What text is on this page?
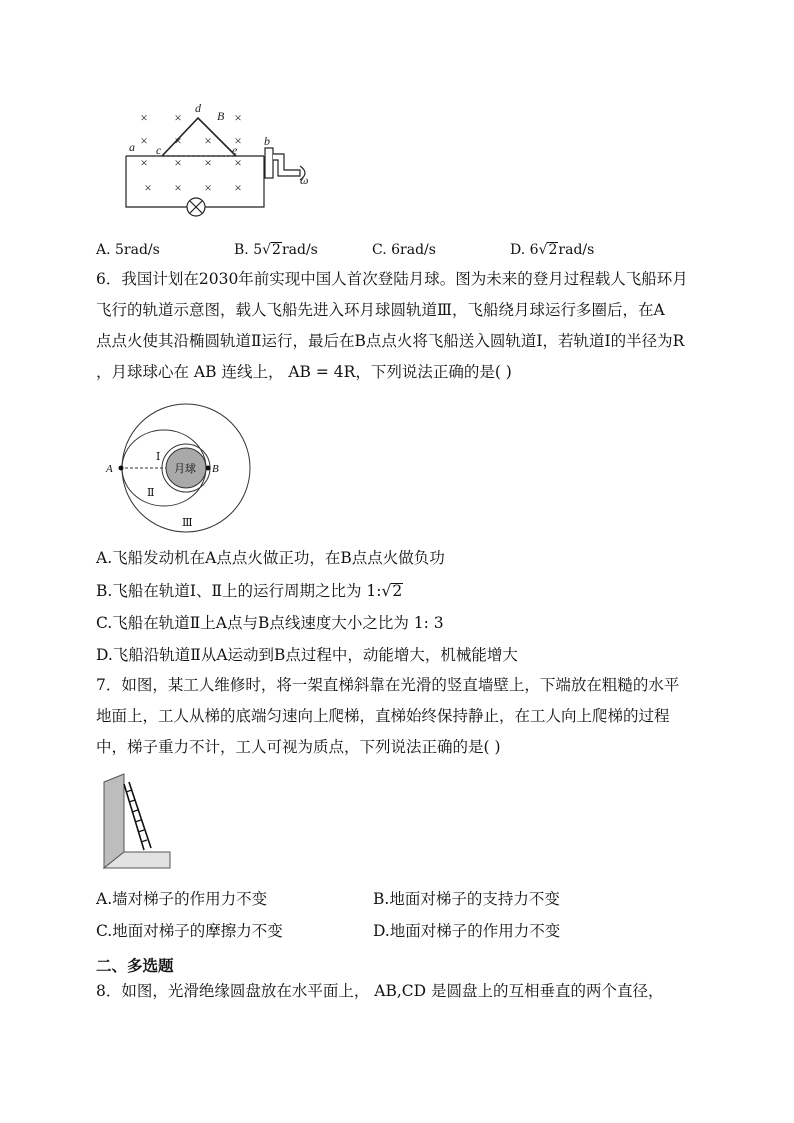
× ×	×
× × × ×
× × × ×
× × × ×
d
B
a c	e
b
ω
A. 5rad/s	B. 5√2rad/s	C. 6rad/s	D. 6√2rad/s
6．我国计划在2030年前实现中国人首次登陆月球。图为未来的登月过程载人飞船环月
飞行的轨道示意图，载人飞船先进入环月球圆轨道Ⅲ，飞船绕月球运行多圈后，在A
点点火使其沿椭圆轨道Ⅱ运行，最后在B点点火将飞船送入圆轨道Ⅰ，若轨道Ⅰ的半径为R
，月球球心在 AB 连线上， AB = 4R，下列说法正确的是( )
月球
A	B
Ⅰ
Ⅱ
Ⅲ
A.飞船发动机在A点点火做正功，在B点点火做负功
B.飞船在轨道Ⅰ、Ⅱ上的运行周期之比为 1:√2
C.飞船在轨道Ⅱ上A点与B点线速度大小之比为 1: 3
D.飞船沿轨道Ⅱ从A运动到B点过程中，动能增大，机械能增大
7．如图，某工人维修时，将一架直梯斜靠在光滑的竖直墙壁上，下端放在粗糙的水平
地面上，工人从梯的底端匀速向上爬梯，直梯始终保持静止，在工人向上爬梯的过程
中，梯子重力不计，工人可视为质点，下列说法正确的是( )
A.墙对梯子的作用力不变	B.地面对梯子的支持力不变
C.地面对梯子的摩擦力不变	D.地面对梯子的作用力不变
二、多选题
8．如图，光滑绝缘圆盘放在水平面上， AB,CD 是圆盘上的互相垂直的两个直径，
